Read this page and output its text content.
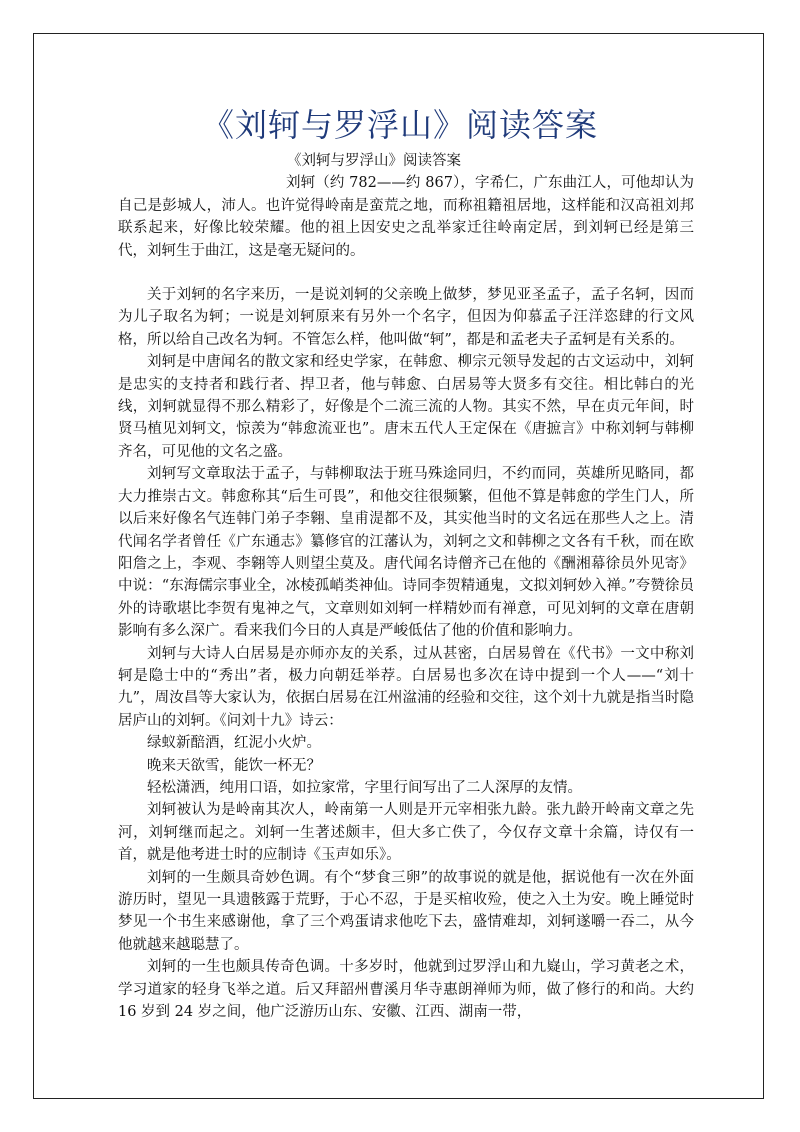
《刘轲与罗浮山》阅读答案

《刘轲与罗浮山》阅读答案

刘轲（约 782——约 867），字希仁，广东曲江人，可他却认为自己是彭城人，沛人。也许觉得岭南是蛮荒之地，而称祖籍祖居地，这样能和汉高祖刘邦联系起来，好像比较荣耀。他的祖上因安史之乱举家迁往岭南定居，到刘轲已经是第三代，刘轲生于曲江，这是毫无疑问的。

关于刘轲的名字来历，一是说刘轲的父亲晚上做梦，梦见亚圣孟子，孟子名轲，因而为儿子取名为轲；一说是刘轲原来有另外一个名字，但因为仰慕孟子汪洋恣肆的行文风格，所以给自己改名为轲。不管怎么样，他叫做“轲”，都是和孟老夫子孟轲是有关系的。

刘轲是中唐闻名的散文家和经史学家，在韩愈、柳宗元领导发起的古文运动中，刘轲是忠实的支持者和践行者、捍卫者，他与韩愈、白居易等大贤多有交往。相比韩白的光线，刘轲就显得不那么精彩了，好像是个二流三流的人物。其实不然，早在贞元年间，时贤马植见刘轲文，惊羡为“韩愈流亚也”。唐末五代人王定保在《唐摭言》中称刘轲与韩柳齐名，可见他的文名之盛。

刘轲写文章取法于孟子，与韩柳取法于班马殊途同归，不约而同，英雄所见略同，都大力推崇古文。韩愈称其“后生可畏”，和他交往很频繁，但他不算是韩愈的学生门人，所以后来好像名气连韩门弟子李翱、皇甫湜都不及，其实他当时的文名远在那些人之上。清代闻名学者曾任《广东通志》纂修官的江藩认为，刘轲之文和韩柳之文各有千秋，而在欧阳詹之上，李观、李翱等人则望尘莫及。唐代闻名诗僧齐己在他的《酬湘幕徐员外见寄》中说：“东海儒宗事业全，冰棱孤峭类神仙。诗同李贺精通鬼，文拟刘轲妙入禅。”夸赞徐员外的诗歌堪比李贺有鬼神之气，文章则如刘轲一样精妙而有禅意，可见刘轲的文章在唐朝影响有多么深广。看来我们今日的人真是严峻低估了他的价值和影响力。

刘轲与大诗人白居易是亦师亦友的关系，过从甚密，白居易曾在《代书》一文中称刘轲是隐士中的“秀出”者，极力向朝廷举荐。白居易也多次在诗中提到一个人——“刘十九”，周汝昌等大家认为，依据白居易在江州湓浦的经验和交往，这个刘十九就是指当时隐居庐山的刘轲。《问刘十九》诗云：

绿蚁新醅酒，红泥小火炉。

晚来天欲雪，能饮一杯无？

轻松潇洒，纯用口语，如拉家常，字里行间写出了二人深厚的友情。

刘轲被认为是岭南其次人，岭南第一人则是开元宰相张九龄。张九龄开岭南文章之先河，刘轲继而起之。刘轲一生著述颇丰，但大多亡佚了，今仅存文章十余篇，诗仅有一首，就是他考进士时的应制诗《玉声如乐》。

刘轲的一生颇具奇妙色调。有个“梦食三卵”的故事说的就是他，据说他有一次在外面游历时，望见一具遗骸露于荒野，于心不忍，于是买棺收殓，使之入土为安。晚上睡觉时梦见一个书生来感谢他，拿了三个鸡蛋请求他吃下去，盛情难却，刘轲遂嚼一吞二，从今他就越来越聪慧了。

刘轲的一生也颇具传奇色调。十多岁时，他就到过罗浮山和九嶷山，学习黄老之术，学习道家的轻身飞举之道。后又拜韶州曹溪月华寺惠朗禅师为师，做了修行的和尚。大约 16 岁到 24 岁之间，他广泛游历山东、安徽、江西、湖南一带，
